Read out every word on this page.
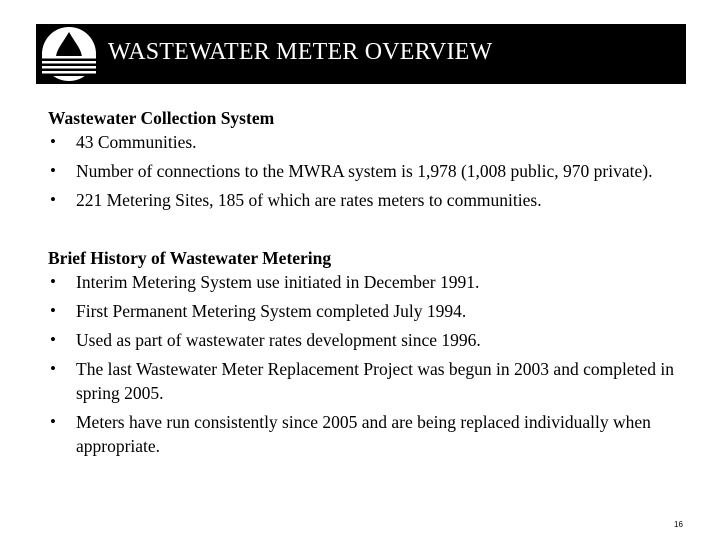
WASTEWATER METER OVERVIEW

Wastewater Collection System

• 43 Communities.
• Number of connections to the MWRA system is 1,978 (1,008 public, 970 private).
• 221 Metering Sites, 185 of which are rates meters to communities.

Brief History of Wastewater Metering

• Interim Metering System use initiated in December 1991.
• First Permanent Metering System completed July 1994.
• Used as part of wastewater rates development since 1996.
• The last Wastewater Meter Replacement Project was begun in 2003 and completed in spring 2005.
• Meters have run consistently since 2005 and are being replaced individually when appropriate.
16
